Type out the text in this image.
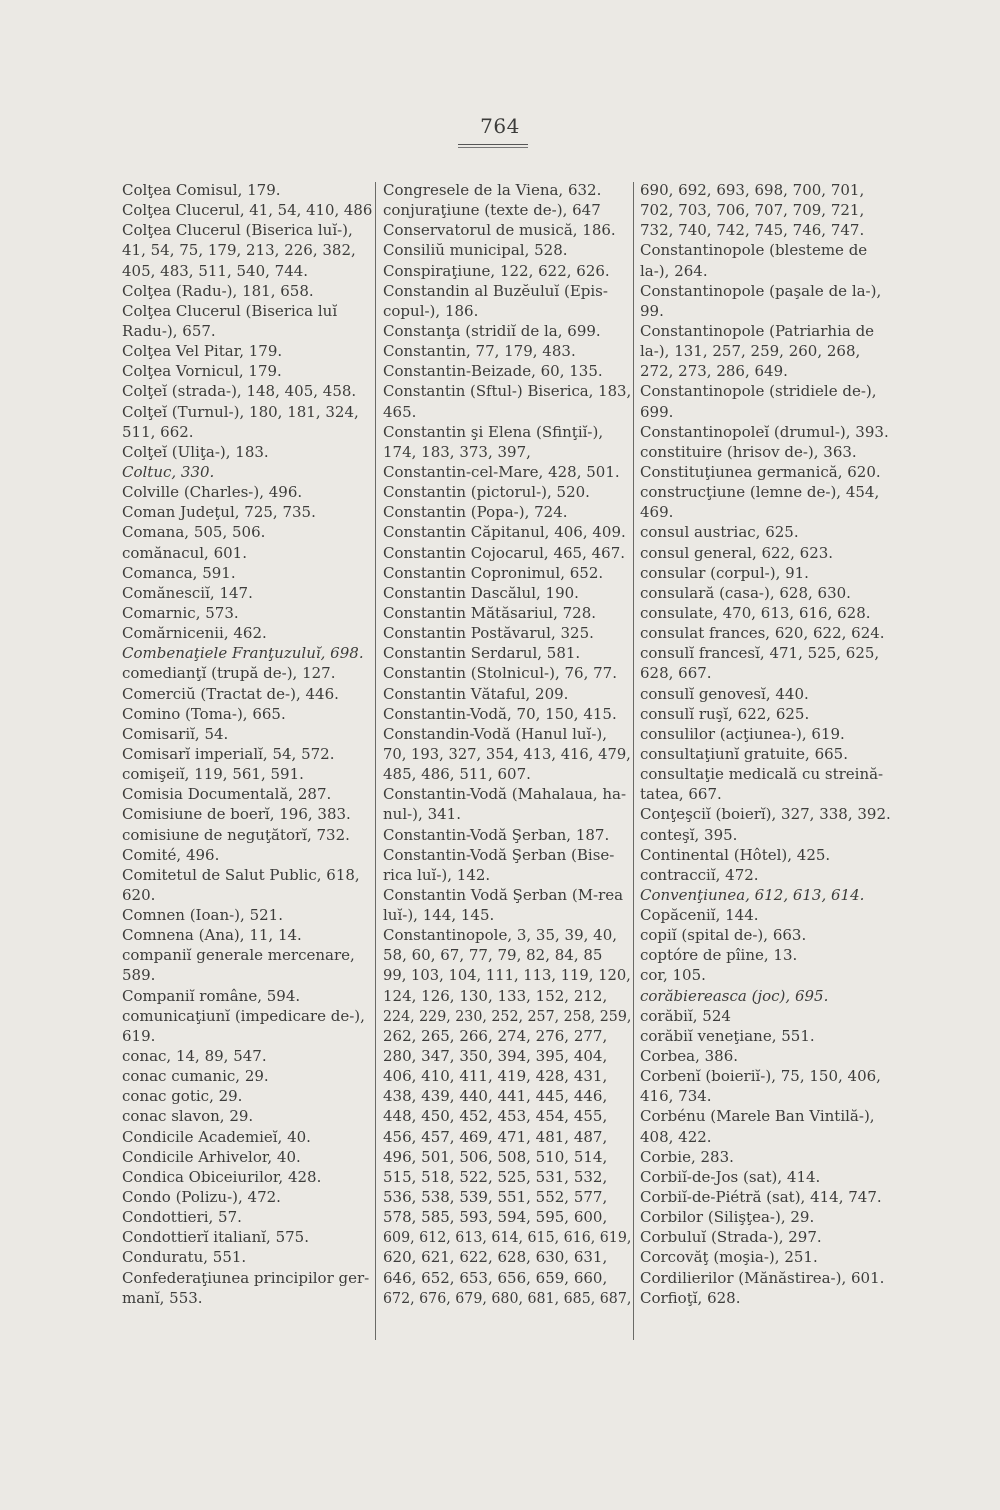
764
Colţea Comisul, 179.
Colţea Clucerul, 41, 54, 410, 486
Colţea Clucerul (Biserica luĭ-),
41, 54, 75, 179, 213, 226, 382,
405, 483, 511, 540, 744.
Colţea (Radu-), 181, 658.
Colţea Clucerul (Biserica luĭ
Radu-), 657.
Colţea Vel Pitar, 179.
Colţea Vornicul, 179.
Colţeĭ (strada-), 148, 405, 458.
Colţeĭ (Turnul-), 180, 181, 324,
511, 662.
Colţeĭ (Uliţa-), 183.
Coltuc, 330.
Colville (Charles-), 496.
Coman Judeţul, 725, 735.
Comana, 505, 506.
comănacul, 601.
Comanca, 591.
Comănesciĭ, 147.
Comarnic, 573.
Comărnicenii, 462.
Combenaţiele Franţuzuluĭ, 698.
comedianţĭ (trupă de-), 127.
Comerciŭ (Tractat de-), 446.
Comino (Toma-), 665.
Comisariĭ, 54.
Comisarĭ imperialĭ, 54, 572.
comişeiĭ, 119, 561, 591.
Comisia Documentală, 287.
Comisiune de boerĭ, 196, 383.
comisiune de neguţătorĭ, 732.
Comité, 496.
Comitetul de Salut Public, 618,
620.
Comnen (Ioan-), 521.
Comnena (Ana), 11, 14.
companiĭ generale mercenare,
589.
Companiĭ române, 594.
comunicaţiunĭ (impedicare de-),
619.
conac, 14, 89, 547.
conac cumanic, 29.
conac gotic, 29.
conac slavon, 29.
Condicile Academieĭ, 40.
Condicile Arhivelor, 40.
Condica Obiceiurilor, 428.
Condo (Polizu-), 472.
Condottieri, 57.
Condottierĭ italianĭ, 575.
Conduratu, 551.
Confederaţiunea principilor ger-
manĭ, 553.
Congresele de la Viena, 632.
conjuraţiune (texte de-), 647
Conservatorul de musică, 186.
Consiliŭ municipal, 528.
Conspiraţiune, 122, 622, 626.
Constandin al Buzĕuluĭ (Epis-
copul-), 186.
Constanţa (stridiĭ de la, 699.
Constantin, 77, 179, 483.
Constantin-Beizade, 60, 135.
Constantin (Sftul-) Biserica, 183,
465.
Constantin şi Elena (Sfinţiĭ-),
174, 183, 373, 397,
Constantin-cel-Mare, 428, 501.
Constantin (pictorul-), 520.
Constantin (Popa-), 724.
Constantin Căpitanul, 406, 409.
Constantin Cojocarul, 465, 467.
Constantin Copronimul, 652.
Constantin Dascălul, 190.
Constantin Mătăsariul, 728.
Constantin Postăvarul, 325.
Constantin Serdarul, 581.
Constantin (Stolnicul-), 76, 77.
Constantin Vătaful, 209.
Constantin-Vodă, 70, 150, 415.
Constandin-Vodă (Hanul luĭ-),
70, 193, 327, 354, 413, 416, 479,
485, 486, 511, 607.
Constantin-Vodă (Mahalaua, ha-
nul-), 341.
Constantin-Vodă Şerban, 187.
Constantin-Vodă Şerban (Bise-
rica luĭ-), 142.
Constantin Vodă Şerban (M-rea
luĭ-), 144, 145.
Constantinopole, 3, 35, 39, 40,
58, 60, 67, 77, 79, 82, 84, 85
99, 103, 104, 111, 113, 119, 120,
124, 126, 130, 133, 152, 212,
224, 229, 230, 252, 257, 258, 259,
262, 265, 266, 274, 276, 277,
280, 347, 350, 394, 395, 404,
406, 410, 411, 419, 428, 431,
438, 439, 440, 441, 445, 446,
448, 450, 452, 453, 454, 455,
456, 457, 469, 471, 481, 487,
496, 501, 506, 508, 510, 514,
515, 518, 522, 525, 531, 532,
536, 538, 539, 551, 552, 577,
578, 585, 593, 594, 595, 600,
609, 612, 613, 614, 615, 616, 619,
620, 621, 622, 628, 630, 631,
646, 652, 653, 656, 659, 660,
672, 676, 679, 680, 681, 685, 687,
690, 692, 693, 698, 700, 701,
702, 703, 706, 707, 709, 721,
732, 740, 742, 745, 746, 747.
Constantinopole (blesteme de
la-), 264.
Constantinopole (paşale de la-),
99.
Constantinopole (Patriarhia de
la-), 131, 257, 259, 260, 268,
272, 273, 286, 649.
Constantinopole (stridiele de-),
699.
Constantinopoleĭ (drumul-), 393.
constituire (hrisov de-), 363.
Constituţiunea germanică, 620.
construcţiune (lemne de-), 454,
469.
consul austriac, 625.
consul general, 622, 623.
consular (corpul-), 91.
consulară (casa-), 628, 630.
consulate, 470, 613, 616, 628.
consulat frances, 620, 622, 624.
consulĭ francesĭ, 471, 525, 625,
628, 667.
consulĭ genovesĭ, 440.
consulĭ ruşĭ, 622, 625.
consulilor (acţiunea-), 619.
consultaţiunĭ gratuite, 665.
consultaţie medicală cu streină-
tatea, 667.
Conţeşciĭ (boierĭ), 327, 338, 392.
conteşĭ, 395.
Continental (Hôtel), 425.
contracciĭ, 472.
Convenţiunea, 612, 613, 614.
Copăceniĭ, 144.
copiĭ (spital de-), 663.
coptóre de pîine, 13.
cor, 105.
corăbiereasca (joc), 695.
corăbiĭ, 524
corăbiĭ veneţiane, 551.
Corbea, 386.
Corbenĭ (boieriĭ-), 75, 150, 406,
416, 734.
Corbénu (Marele Ban Vintilă-),
408, 422.
Corbie, 283.
Corbiĭ-de-Jos (sat), 414.
Corbiĭ-de-Piétră (sat), 414, 747.
Corbilor (Silişţea-), 29.
Corbuluĭ (Strada-), 297.
Corcovăţ (moşia-), 251.
Cordilierilor (Mănăstirea-), 601.
Corfioţĭ, 628.
